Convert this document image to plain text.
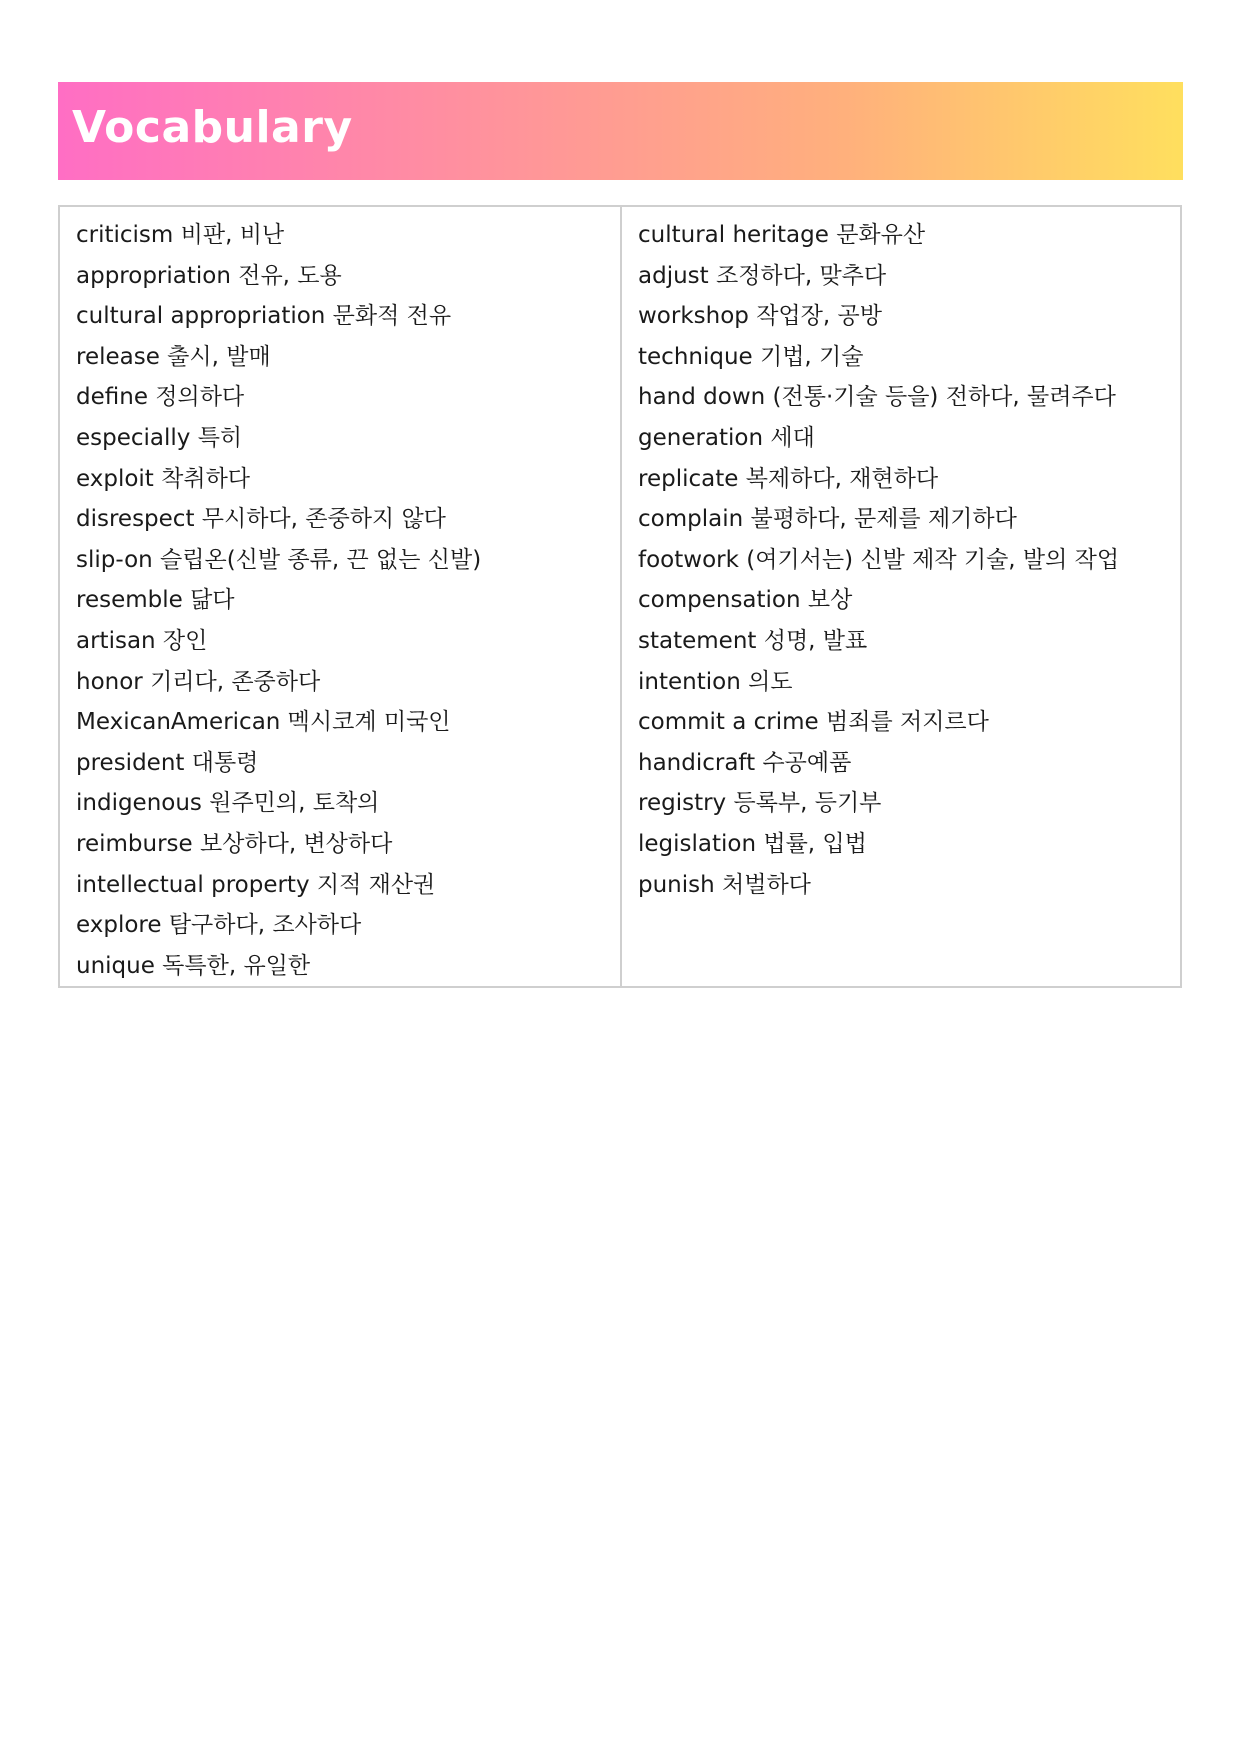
Vocabulary
criticism 비판, 비난
appropriation 전유, 도용
cultural appropriation 문화적 전유
release 출시, 발매
define 정의하다
especially 특히
exploit 착취하다
disrespect 무시하다, 존중하지 않다
slip-on 슬립온(신발 종류, 끈 없는 신발)
resemble 닮다
artisan 장인
honor 기리다, 존중하다
MexicanAmerican 멕시코계 미국인
president 대통령
indigenous 원주민의, 토착의
reimburse 보상하다, 변상하다
intellectual property 지적 재산권
explore 탐구하다, 조사하다
unique 독특한, 유일한
cultural heritage 문화유산
adjust 조정하다, 맞추다
workshop 작업장, 공방
technique 기법, 기술
hand down (전통·기술 등을) 전하다, 물려주다
generation 세대
replicate 복제하다, 재현하다
complain 불평하다, 문제를 제기하다
footwork (여기서는) 신발 제작 기술, 발의 작업
compensation 보상
statement 성명, 발표
intention 의도
commit a crime 범죄를 저지르다
handicraft 수공예품
registry 등록부, 등기부
legislation 법률, 입법
punish 처벌하다
